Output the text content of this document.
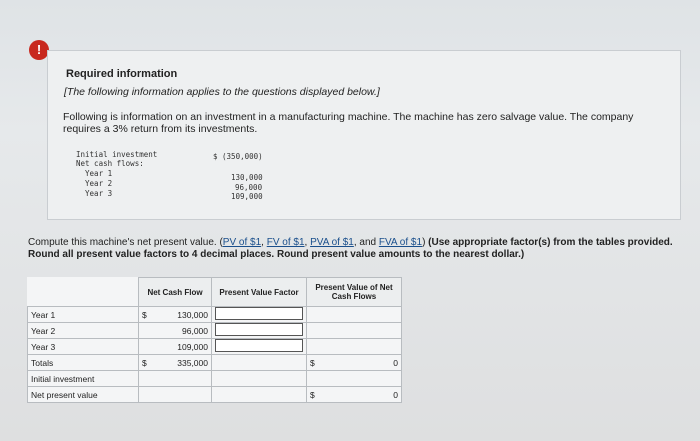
!
Required information
[The following information applies to the questions displayed below.]
Following is information on an investment in a manufacturing machine. The machine has zero salvage value. The company requires a 3% return from its investments.
Initial investment	$ (350,000)
Net cash flows:
Year 1	130,000
Year 2	96,000
Year 3	109,000
Compute this machine's net present value. (PV of $1, FV of $1, PVA of $1, and FVA of $1) (Use appropriate factor(s) from the tables provided. Round all present value factors to 4 decimal places. Round present value amounts to the nearest dollar.)
	Net Cash Flow	Present Value Factor	Present Value of Net Cash Flows
Year 1	$ 130,000		
Year 2	96,000		
Year 3	109,000		
Totals	$ 335,000		$ 0
Initial investment			
Net present value			$ 0
